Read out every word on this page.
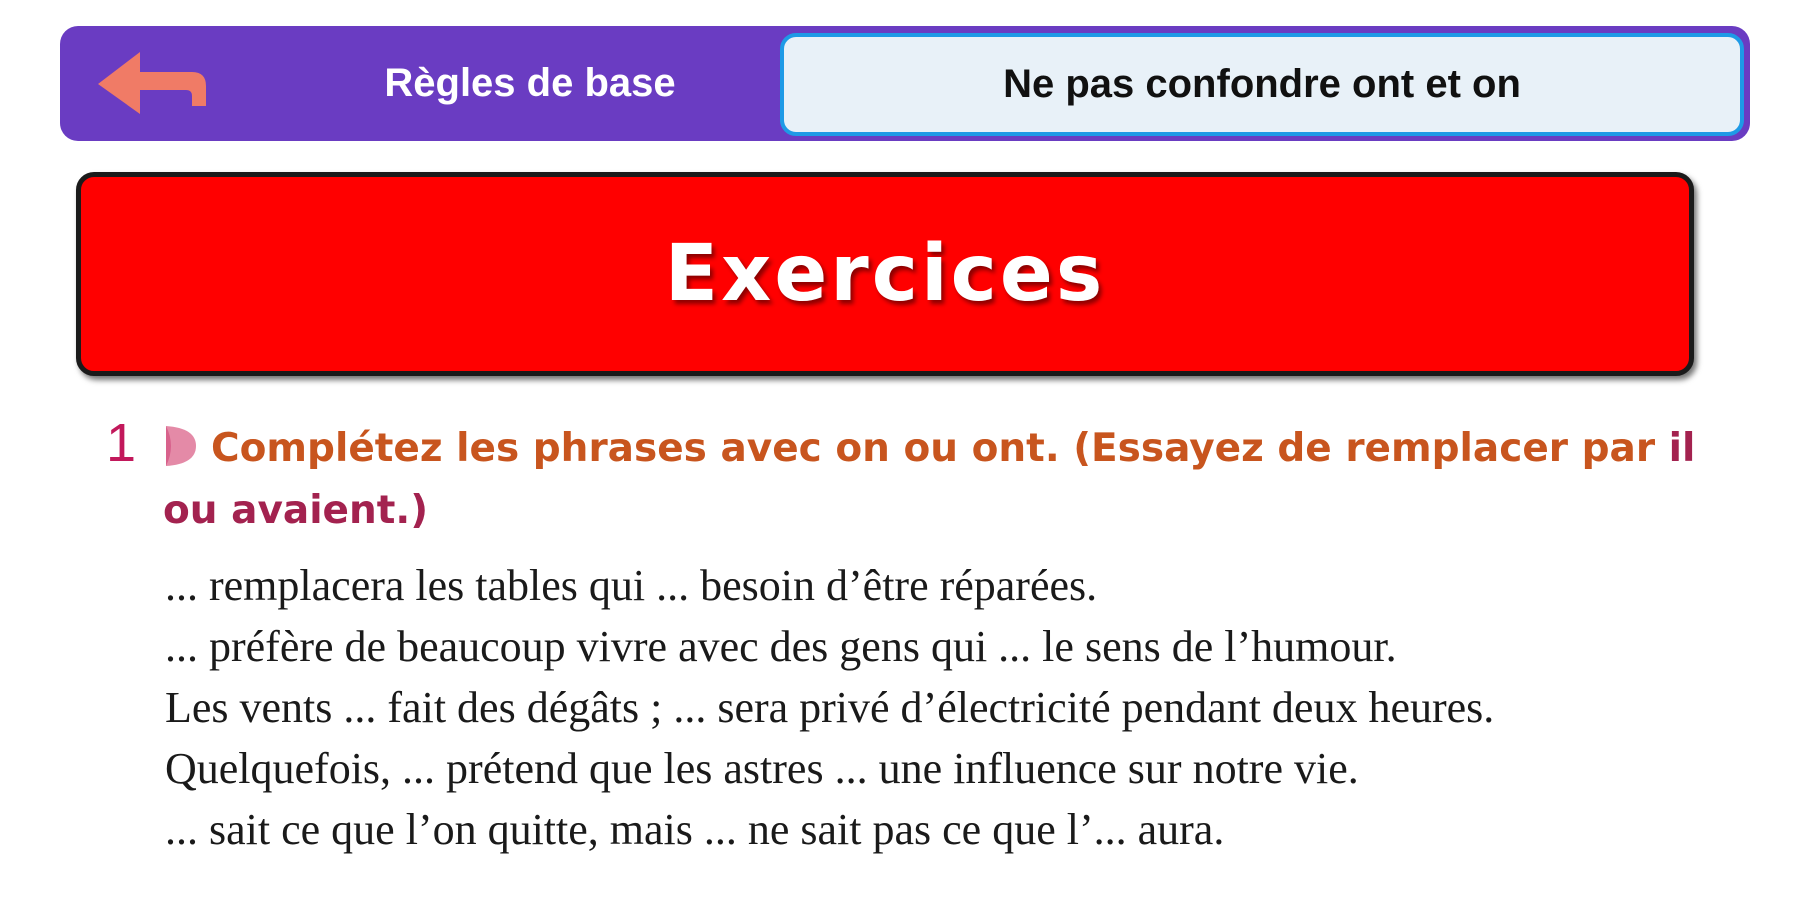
Règles de base	Ne pas confondre ont et on
Exercices
1	Complétez les phrases avec on ou ont. (Essayez de remplacer par il ou avaient.)
... remplacera les tables qui ... besoin d’être réparées.
... préfère de beaucoup vivre avec des gens qui ... le sens de l’humour.
Les vents ... fait des dégâts ; ... sera privé d’électricité pendant deux heures.
Quelquefois, ... prétend que les astres ... une influence sur notre vie.
... sait ce que l’on quitte, mais ... ne sait pas ce que l’... aura.
